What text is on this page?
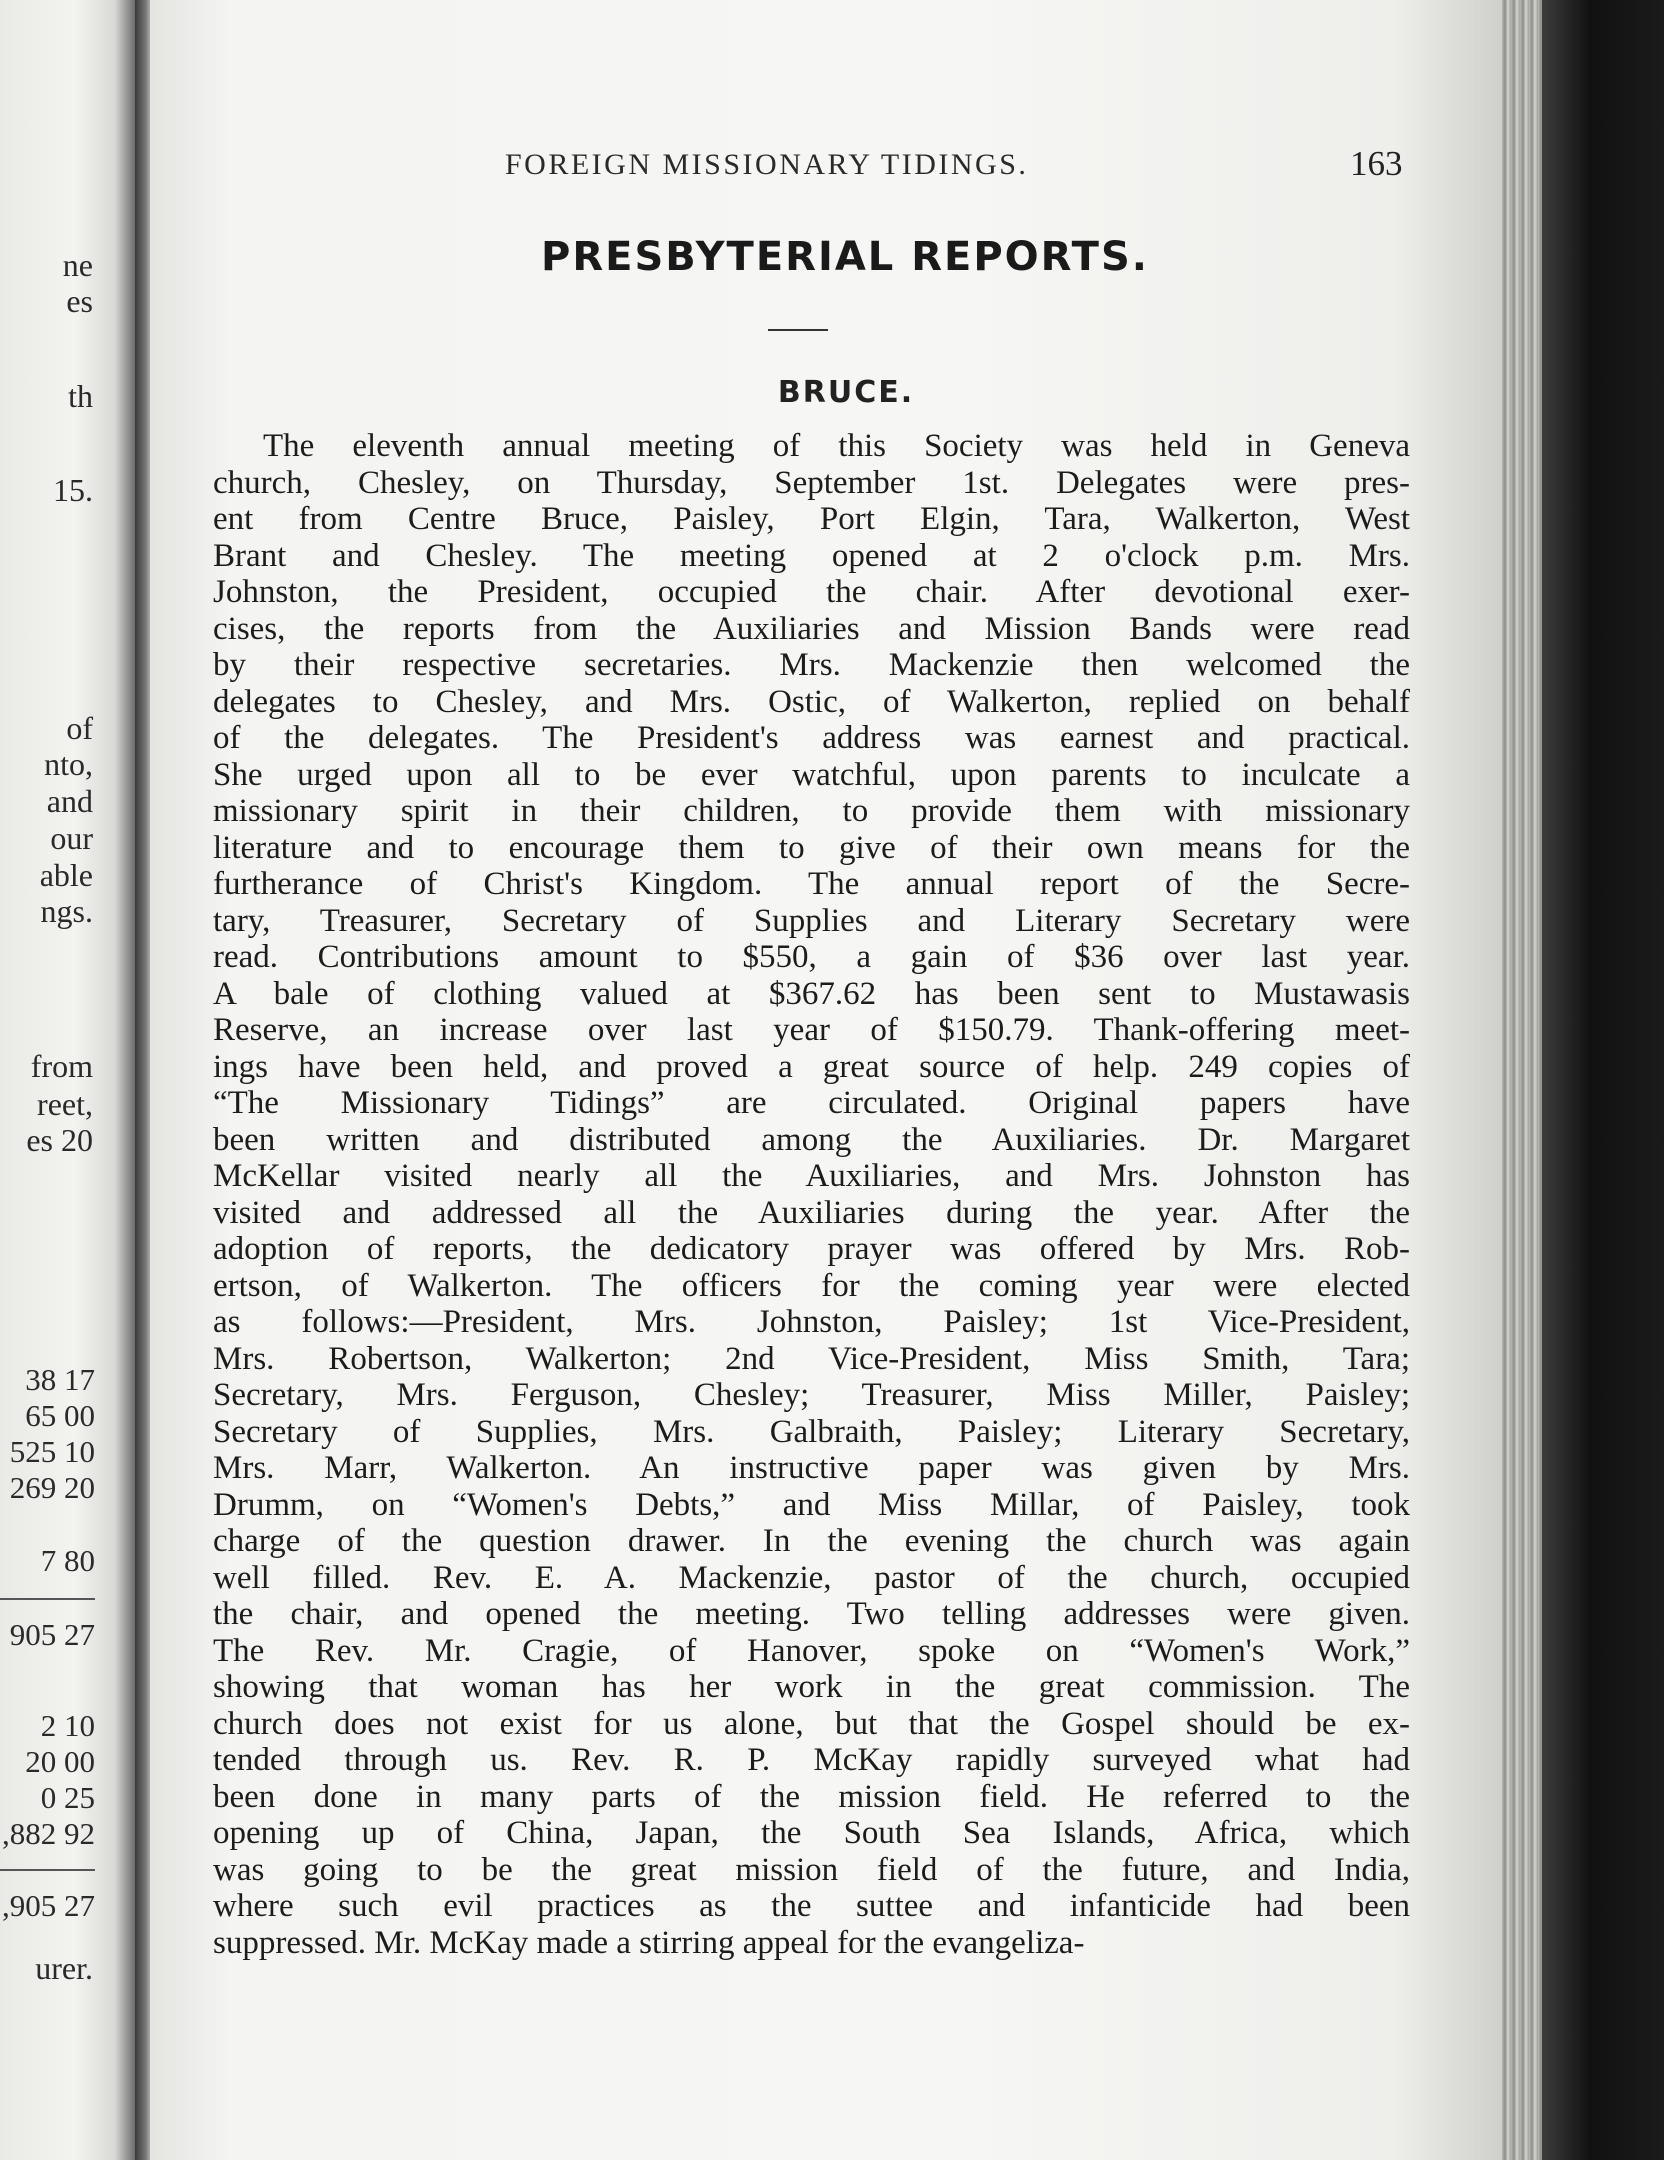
ne
es
th
15.
of
nto,
and
our
able
ngs.
from
reet,
es 20
38 17
65 00
525 10
269 20
7 80
905 27
2 10
20 00
0 25
,882 92
,905 27
urer.
FOREIGN MISSIONARY TIDINGS.	163
PRESBYTERIAL REPORTS.
BRUCE.
The eleventh annual meeting of this Society was held in Geneva
church, Chesley, on Thursday, September 1st. Delegates were pres-
ent from Centre Bruce, Paisley, Port Elgin, Tara, Walkerton, West
Brant and Chesley. The meeting opened at 2 o'clock p.m. Mrs.
Johnston, the President, occupied the chair. After devotional exer-
cises, the reports from the Auxiliaries and Mission Bands were read
by their respective secretaries. Mrs. Mackenzie then welcomed the
delegates to Chesley, and Mrs. Ostic, of Walkerton, replied on behalf
of the delegates. The President's address was earnest and practical.
She urged upon all to be ever watchful, upon parents to inculcate a
missionary spirit in their children, to provide them with missionary
literature and to encourage them to give of their own means for the
furtherance of Christ's Kingdom. The annual report of the Secre-
tary, Treasurer, Secretary of Supplies and Literary Secretary were
read. Contributions amount to $550, a gain of $36 over last year.
A bale of clothing valued at $367.62 has been sent to Mustawasis
Reserve, an increase over last year of $150.79. Thank-offering meet-
ings have been held, and proved a great source of help. 249 copies of
“The Missionary Tidings” are circulated. Original papers have
been written and distributed among the Auxiliaries. Dr. Margaret
McKellar visited nearly all the Auxiliaries, and Mrs. Johnston has
visited and addressed all the Auxiliaries during the year. After the
adoption of reports, the dedicatory prayer was offered by Mrs. Rob-
ertson, of Walkerton. The officers for the coming year were elected
as follows:—President, Mrs. Johnston, Paisley; 1st Vice-President,
Mrs. Robertson, Walkerton; 2nd Vice-President, Miss Smith, Tara;
Secretary, Mrs. Ferguson, Chesley; Treasurer, Miss Miller, Paisley;
Secretary of Supplies, Mrs. Galbraith, Paisley; Literary Secretary,
Mrs. Marr, Walkerton. An instructive paper was given by Mrs.
Drumm, on “Women's Debts,” and Miss Millar, of Paisley, took
charge of the question drawer. In the evening the church was again
well filled. Rev. E. A. Mackenzie, pastor of the church, occupied
the chair, and opened the meeting. Two telling addresses were given.
The Rev. Mr. Cragie, of Hanover, spoke on “Women's Work,”
showing that woman has her work in the great commission. The
church does not exist for us alone, but that the Gospel should be ex-
tended through us. Rev. R. P. McKay rapidly surveyed what had
been done in many parts of the mission field. He referred to the
opening up of China, Japan, the South Sea Islands, Africa, which
was going to be the great mission field of the future, and India,
where such evil practices as the suttee and infanticide had been
suppressed. Mr. McKay made a stirring appeal for the evangeliza-
